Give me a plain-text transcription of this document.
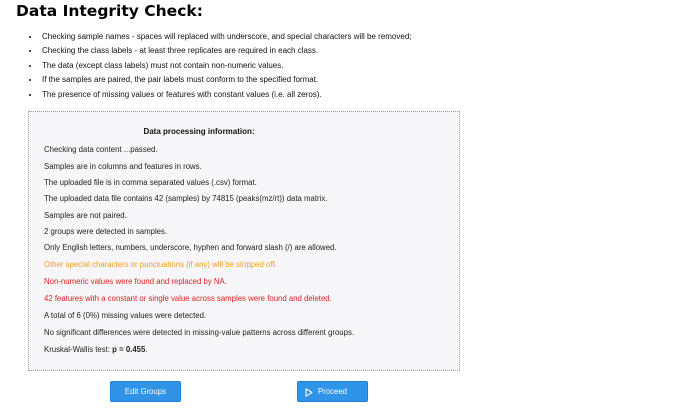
Data Integrity Check:
• Checking sample names - spaces will replaced with underscore, and special characters will be removed;
• Checking the class labels - at least three replicates are required in each class.
• The data (except class labels) must not contain non-numeric values.
• If the samples are paired, the pair labels must conform to the specified format.
• The presence of missing values or features with constant values (i.e. all zeros).
Data processing information:
Checking data content ...passed.
Samples are in columns and features in rows.
The uploaded file is in comma separated values (.csv) format.
The uploaded data file contains 42 (samples) by 74815 (peaks(mz/rt)) data matrix.
Samples are not paired.
2 groups were detected in samples.
Only English letters, numbers, underscore, hyphen and forward slash (/) are allowed.
Other special characters or punctuations (if any) will be stripped off.
Non-numeric values were found and replaced by NA.
42 features with a constant or single value across samples were found and deleted.
A total of 6 (0%) missing values were detected.
No significant differences were detected in missing-value patterns across different groups.
Kruskal-Wallis test: p = 0.455.
Edit Groups	Proceed
